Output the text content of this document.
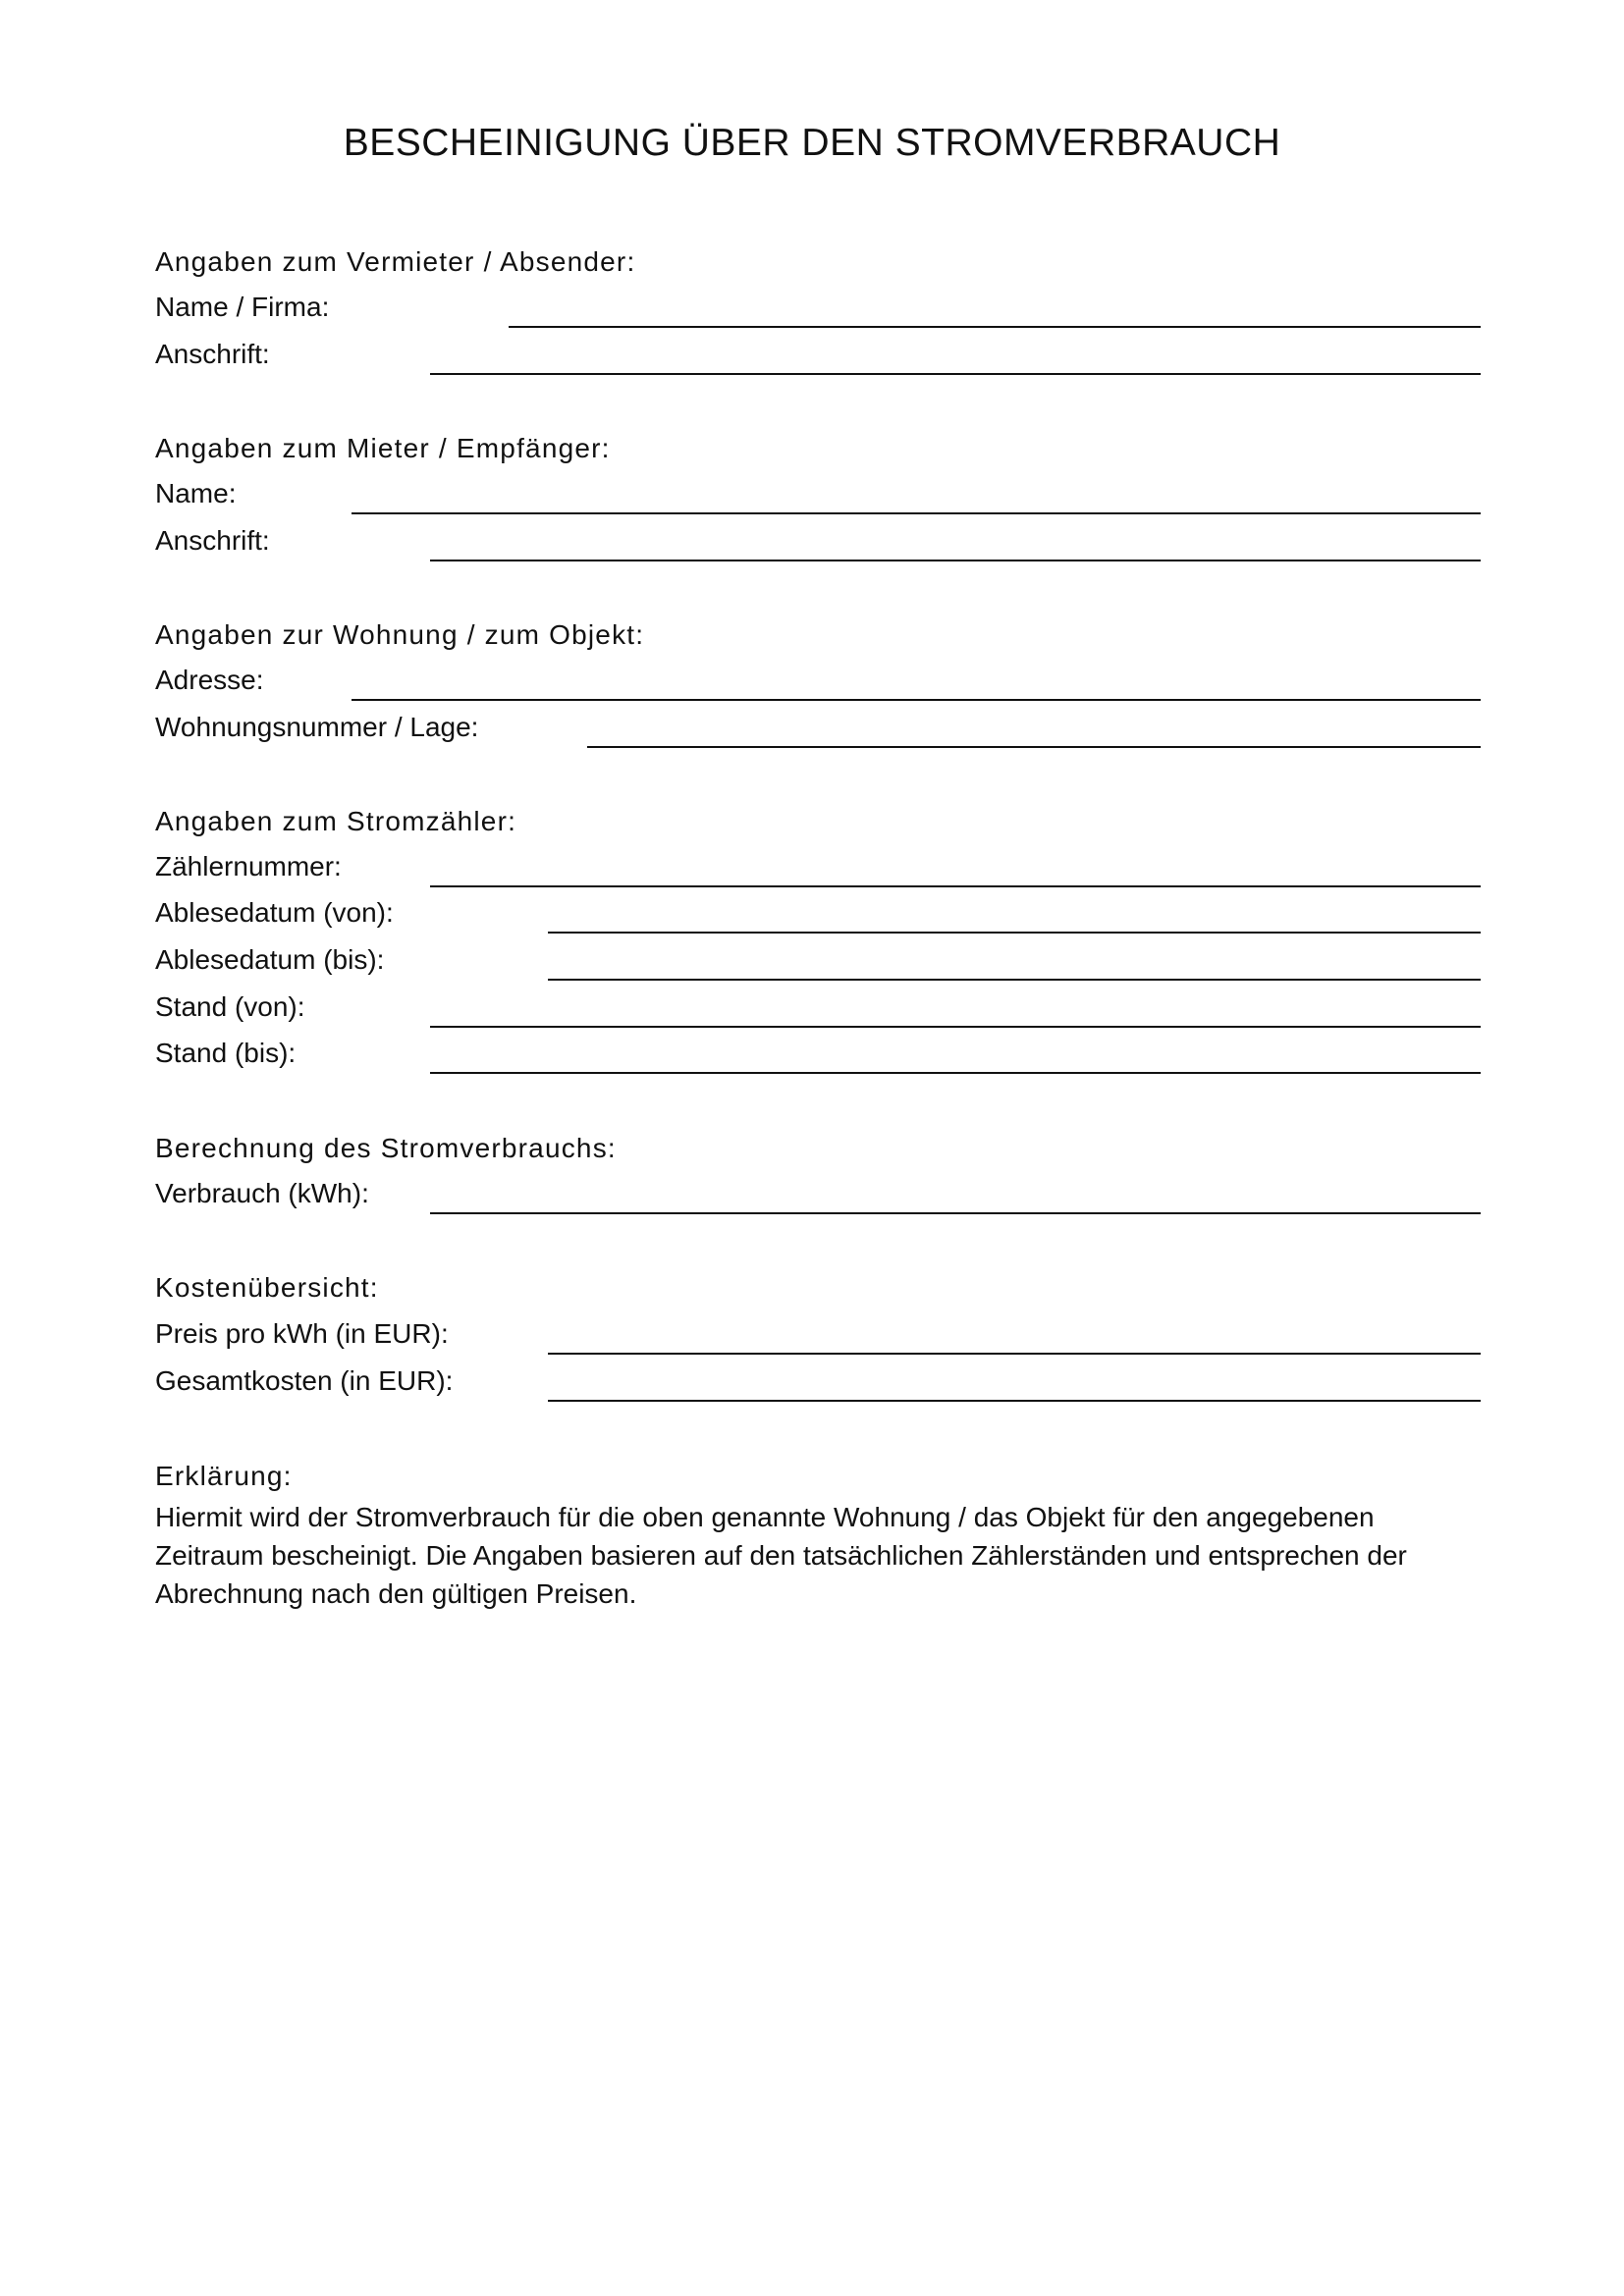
BESCHEINIGUNG ÜBER DEN STROMVERBRAUCH
Angaben zum Vermieter / Absender:
Name / Firma:
Anschrift:
Angaben zum Mieter / Empfänger:
Name:
Anschrift:
Angaben zur Wohnung / zum Objekt:
Adresse:
Wohnungsnummer / Lage:
Angaben zum Stromzähler:
Zählernummer:
Ablesedatum (von):
Ablesedatum (bis):
Stand (von):
Stand (bis):
Berechnung des Stromverbrauchs:
Verbrauch (kWh):
Kostenübersicht:
Preis pro kWh (in EUR):
Gesamtkosten (in EUR):
Erklärung:

Hiermit wird der Stromverbrauch für die oben genannte Wohnung / das Objekt für den angegebenen Zeitraum bescheinigt. Die Angaben basieren auf den tatsächlichen Zählerständen und entsprechen der Abrechnung nach den gültigen Preisen.
